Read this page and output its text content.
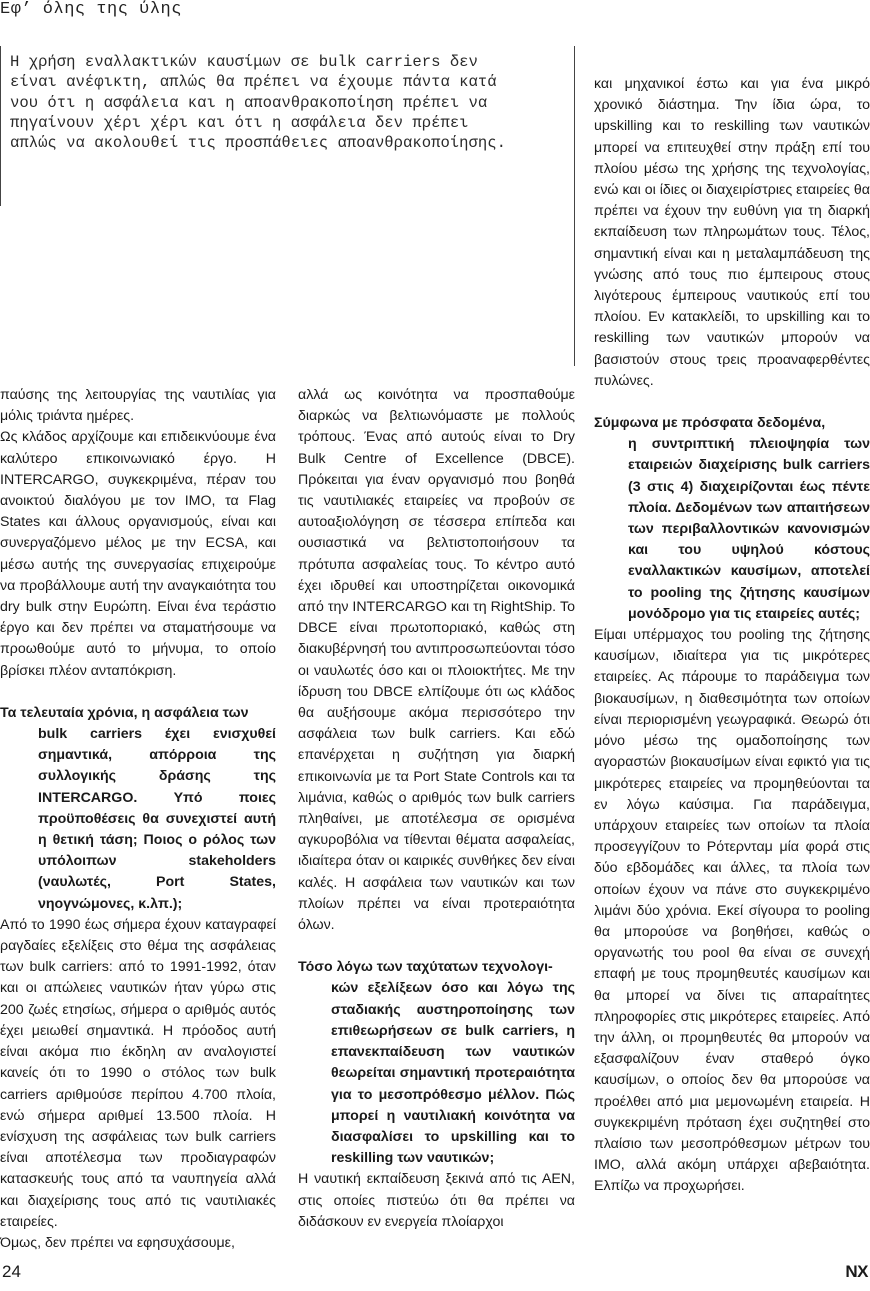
Εφ’ όλης της ύλης
Η χρήση εναλλακτικών καυσίμων σε bulk carriers δεν
είναι ανέφικτη, απλώς θα πρέπει να έχουμε πάντα κατά
νου ότι η ασφάλεια και η απoανθρακοποίηση πρέπει να
πηγαίνουν χέρι χέρι και ότι η ασφάλεια δεν πρέπει
απλώς να ακολουθεί τις προσπάθειες απoανθρακοποίησης.

παύσης της λειτουργίας της ναυτιλίας για μόλις τριάντα ημέρες.

Ως κλάδος αρχίζουμε και επιδεικνύουμε ένα καλύτερο επικοινωνιακό έργο. Η INTERCARGO, συγκεκριμένα, πέραν του ανοικτού διαλόγου με τον IMO, τα Flag States και άλλους οργανισμούς, είναι και συνεργαζόμενο μέλος με την ECSA, και μέσω αυτής της συνεργασίας επιχειρούμε να προβάλλουμε αυτή την αναγκαιότητα του dry bulk στην Ευρώπη. Είναι ένα τεράστιο έργο και δεν πρέπει να σταματήσουμε να προωθούμε αυτό το μήνυμα, το οποίο βρίσκει πλέον ανταπόκριση.

Τα τελευταία χρόνια, η ασφάλεια των
bulk carriers έχει ενισχυθεί σημαντικά, απόρροια της συλλογικής δράσης της INTERCARGO. Υπό ποιες προϋποθέσεις θα συνεχιστεί αυτή η θετική τάση; Ποιος ο ρόλος των υπόλοιπων stakeholders (ναυλωτές, Port States, νηογνώμονες, κ.λπ.);

Από το 1990 έως σήμερα έχουν καταγραφεί ραγδαίες εξελίξεις στο θέμα της ασφάλειας των bulk carriers: από το 1991-1992, όταν και οι απώλειες ναυτικών ήταν γύρω στις 200 ζωές ετησίως, σήμερα ο αριθμός αυτός έχει μειωθεί σημαντικά. Η πρόοδος αυτή είναι ακόμα πιο έκδηλη αν αναλογιστεί κανείς ότι το 1990 ο στόλος των bulk carriers αριθμούσε περίπου 4.700 πλοία, ενώ σήμερα αριθμεί 13.500 πλοία. Η ενίσχυση της ασφάλειας των bulk carriers είναι αποτέλεσμα των προδιαγραφών κατασκευής τους από τα ναυπηγεία αλλά και διαχείρισης τους από τις ναυτιλιακές εταιρείες.

Όμως, δεν πρέπει να εφησυχάσουμε,

αλλά ως κοινότητα να προσπαθούμε διαρκώς να βελτιωνόμαστε με πολλούς τρόπους. Ένας από αυτούς είναι το Dry Bulk Centre of Excellence (DBCE). Πρόκειται για έναν οργανισμό που βοηθά τις ναυτιλιακές εταιρείες να προβούν σε αυτοαξιολόγηση σε τέσσερα επίπεδα και ουσιαστικά να βελτιστοποιήσουν τα πρότυπα ασφαλείας τους. Το κέντρο αυτό έχει ιδρυθεί και υποστηρίζεται οικονομικά από την INTERCARGO και τη RightShip. Το DBCE είναι πρωτοποριακό, καθώς στη διακυβέρνησή του αντιπροσωπεύονται τόσο οι ναυλωτές όσο και οι πλοιοκτήτες. Με την ίδρυση του DBCE ελπίζουμε ότι ως κλάδος θα αυξήσουμε ακόμα περισσότερο την ασφάλεια των bulk carriers. Και εδώ επανέρχεται η συζήτηση για διαρκή επικοινωνία με τα Port State Controls και τα λιμάνια, καθώς ο αριθμός των bulk carriers πληθαίνει, με αποτέλεσμα σε ορισμένα αγκυροβόλια να τίθενται θέματα ασφαλείας, ιδιαίτερα όταν οι καιρικές συνθήκες δεν είναι καλές. Η ασφάλεια των ναυτικών και των πλοίων πρέπει να είναι προτεραιότητα όλων.

Τόσο λόγω των ταχύτατων τεχνολογι-
κών εξελίξεων όσο και λόγω της σταδιακής αυστηροποίησης των επιθεωρήσεων σε bulk carriers, η επανεκπαίδευση των ναυτικών θεωρείται σημαντική προτεραιότητα για το μεσοπρόθεσμο μέλλον. Πώς μπορεί η ναυτιλιακή κοινότητα να διασφαλίσει το upskilling και το reskilling των ναυτικών;

Η ναυτική εκπαίδευση ξεκινά από τις ΑΕΝ, στις οποίες πιστεύω ότι θα πρέπει να διδάσκουν εν ενεργεία πλοίαρχοι

και μηχανικοί έστω και για ένα μικρό χρονικό διάστημα. Την ίδια ώρα, το upskilling και το reskilling των ναυτικών μπορεί να επιτευχθεί στην πράξη επί του πλοίου μέσω της χρήσης της τεχνολογίας, ενώ και οι ίδιες οι διαχειρίστριες εταιρείες θα πρέπει να έχουν την ευθύνη για τη διαρκή εκπαίδευση των πληρωμάτων τους. Τέλος, σημαντική είναι και η μεταλαμπάδευση της γνώσης από τους πιο έμπειρους στους λιγότερους έμπειρους ναυτικούς επί του πλοίου. Εν κατακλείδι, το upskilling και το reskilling των ναυτικών μπορούν να βασιστούν στους τρεις προαναφερθέντες πυλώνες.

Σύμφωνα με πρόσφατα δεδομένα,
η συντριπτική πλειοψηφία των εταιρειών διαχείρισης bulk carriers (3 στις 4) διαχειρίζονται έως πέντε πλοία. Δεδομένων των απαιτήσεων των περιβαλλοντικών κανονισμών και του υψηλού κόστους εναλλακτικών καυσίμων, αποτελεί το pooling της ζήτησης καυσίμων μονόδρομο για τις εταιρείες αυτές;

Είμαι υπέρμαχος του pooling της ζήτησης καυσίμων, ιδιαίτερα για τις μικρότερες εταιρείες. Ας πάρουμε το παράδειγμα των βιοκαυσίμων, η διαθεσιμότητα των οποίων είναι περιορισμένη γεωγραφικά. Θεωρώ ότι μόνο μέσω της ομαδοποίησης των αγοραστών βιοκαυσίμων είναι εφικτό για τις μικρότερες εταιρείες να προμηθεύονται τα εν λόγω καύσιμα. Για παράδειγμα, υπάρχουν εταιρείες των οποίων τα πλοία προσεγγίζουν το Ρότερνταμ μία φορά στις δύο εβδομάδες και άλλες, τα πλοία των οποίων έχουν να πάνε στο συγκεκριμένο λιμάνι δύο χρόνια. Εκεί σίγουρα το pooling θα μπορούσε να βοηθήσει, καθώς ο οργανωτής του pool θα είναι σε συνεχή επαφή με τους προμηθευτές καυσίμων και θα μπορεί να δίνει τις απαραίτητες πληροφορίες στις μικρότερες εταιρείες. Από την άλλη, οι προμηθευτές θα μπορούν να εξασφαλίζουν έναν σταθερό όγκο καυσίμων, ο οποίος δεν θα μπορούσε να προέλθει από μια μεμονωμένη εταιρεία. Η συγκεκριμένη πρόταση έχει συζητηθεί στο πλαίσιο των μεσοπρόθεσμων μέτρων του IMO, αλλά ακόμη υπάρχει αβεβαιότητα. Ελπίζω να προχωρήσει.

24	NX
